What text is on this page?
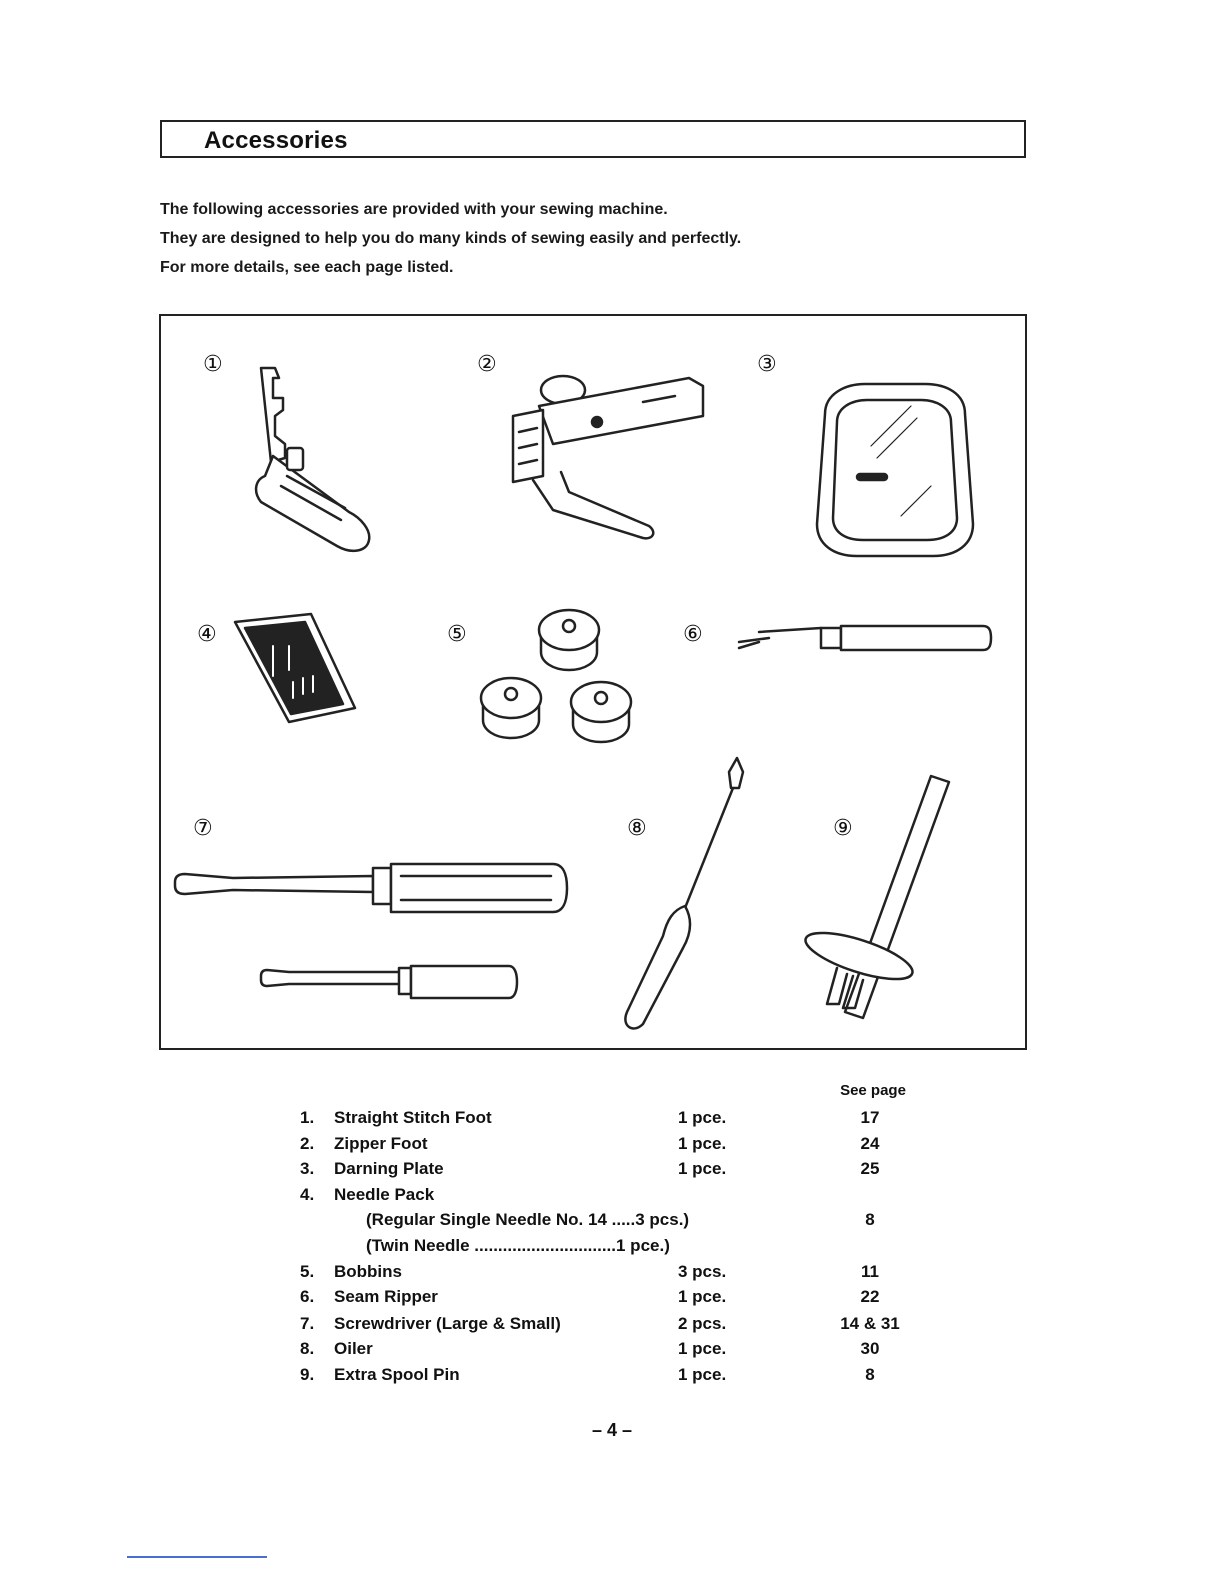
Accessories

The following accessories are provided with your sewing machine.

They are designed to help you do many kinds of sewing easily and perfectly.

For more details, see each page listed.

①	②	③
④	⑤	⑥
⑦	⑧	⑨
See page
1. Straight Stitch Foot	1 pce.	17
2. Zipper Foot	1 pce.	24
3. Darning Plate	1 pce.	25
4. Needle Pack
(Regular Single Needle No. 14 .....3 pcs.)	8
(Twin Needle ..............................1 pce.)
5. Bobbins	3 pcs.	11
6. Seam Ripper	1 pce.	22
7. Screwdriver (Large & Small)	2 pcs.	14 & 31
8. Oiler	1 pce.	30
9. Extra Spool Pin	1 pce.	8
– 4 –
